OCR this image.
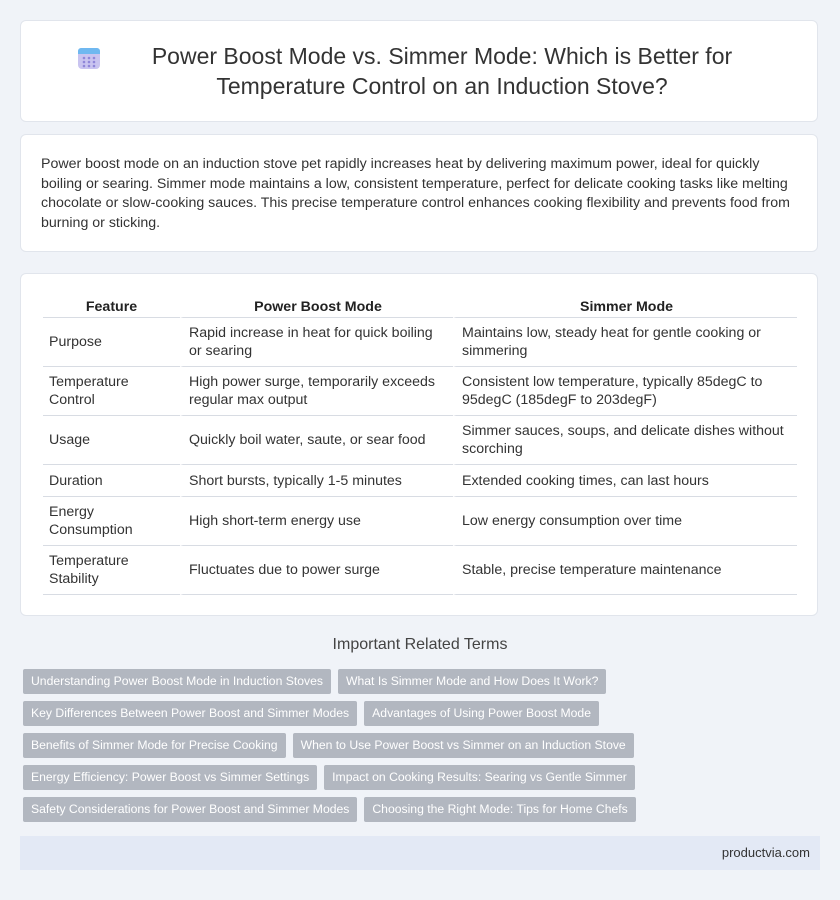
Power Boost Mode vs. Simmer Mode: Which is Better for Temperature Control on an Induction Stove?

Power boost mode on an induction stove pet rapidly increases heat by delivering maximum power, ideal for quickly boiling or searing. Simmer mode maintains a low, consistent temperature, perfect for delicate cooking tasks like melting chocolate or slow-cooking sauces. This precise temperature control enhances cooking flexibility and prevents food from burning or sticking.

Feature	Power Boost Mode	Simmer Mode
Purpose	Rapid increase in heat for quick boiling or searing	Maintains low, steady heat for gentle cooking or simmering
Temperature Control	High power surge, temporarily exceeds regular max output	Consistent low temperature, typically 85degC to 95degC (185degF to 203degF)
Usage	Quickly boil water, saute, or sear food	Simmer sauces, soups, and delicate dishes without scorching
Duration	Short bursts, typically 1-5 minutes	Extended cooking times, can last hours
Energy Consumption	High short-term energy use	Low energy consumption over time
Temperature Stability	Fluctuates due to power surge	Stable, precise temperature maintenance
Important Related Terms
Understanding Power Boost Mode in Induction Stoves	What Is Simmer Mode and How Does It Work?
Key Differences Between Power Boost and Simmer Modes	Advantages of Using Power Boost Mode
Benefits of Simmer Mode for Precise Cooking	When to Use Power Boost vs Simmer on an Induction Stove
Energy Efficiency: Power Boost vs Simmer Settings	Impact on Cooking Results: Searing vs Gentle Simmer
Safety Considerations for Power Boost and Simmer Modes	Choosing the Right Mode: Tips for Home Chefs
productvia.com
